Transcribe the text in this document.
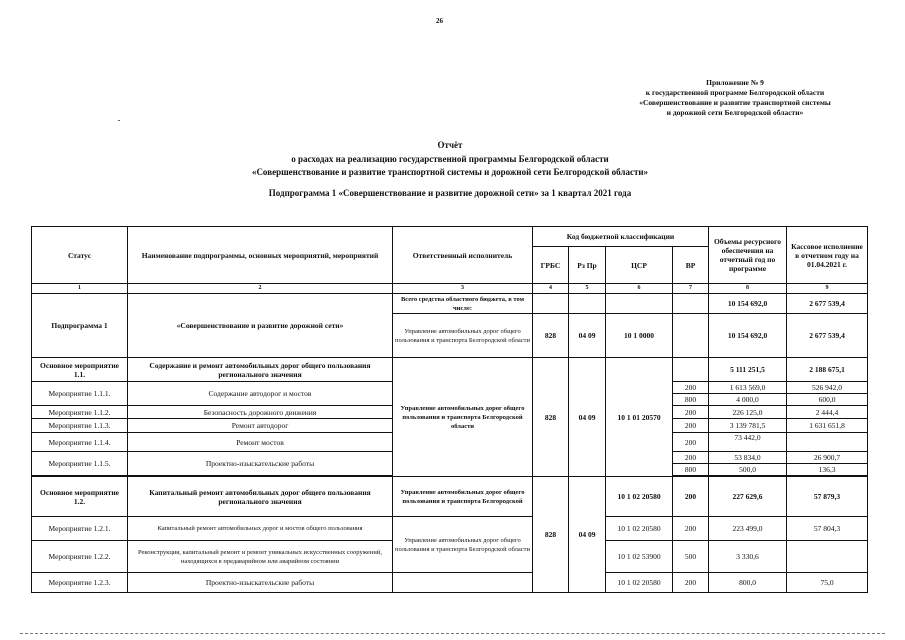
26
Приложение № 9
к государственной программе Белгородской области
«Совершенствование и развитие транспортной системы
и дорожной сети Белгородской области»
Отчёт
о расходах на реализацию государственной программы Белгородской области
«Совершенствование и развитие транспортной системы и дорожной сети Белгородской области»
Подпрограмма 1 «Совершенствование и развитие дорожной сети» за 1 квартал 2021 года
Статус	Наименование подпрограммы, основных мероприятий, мероприятий	Ответственный исполнитель	Код бюджетной классификации				Объемы ресурсного обеспечения на отчетный год по программе	Кассовое исполнение в отчетном году на 01.04.2021 г.
			ГРБС	Рз Пр	ЦСР	ВР		
1	2	3	4	5	6	7	8	9
Подпрограмма 1	«Совершенствование и развитие дорожной сети»	Всего средства областного бюджета, в том числе:					10 154 692,0	2 677 539,4
		Управление автомобильных дорог общего пользования и транспорта Белгородской области	828	04 09	10 1 0000		10 154 692,0	2 677 539,4
Основное мероприятие 1.1.	Содержание и ремонт автомобильных дорог общего пользования регионального значения	Управление автомобильных дорог общего пользования и транспорта Белгородской области	828	04 09	10 1 01 20570		5 111 251,5	2 188 675,1
Мероприятие 1.1.1.	Содержание автодорог и мостов					200	1 613 569,0	526 942,0
						800	4 000,0	600,0
Мероприятие 1.1.2.	Безопасность дорожного движения					200	226 125,0	2 444,4
Мероприятие 1.1.3.	Ремонт автодорог					200	3 139 781,5	1 631 651,8
Мероприятие 1.1.4.	Ремонт мостов					200	73 442,0	
Мероприятие 1.1.5.	Проектно-изыскательские работы					200	53 834,0	26 900,7
						800	500,0	136,3

Основное мероприятие 1.2.	Капитальный ремонт автомобильных дорог общего пользования регионального значения	Управление автомобильных дорог общего пользования и транспорта Белгородской	828	04 09	10 1 02 20580	200	227 629,6	57 879,3
Мероприятие 1.2.1.	Капитальный ремонт автомобильных дорог и мостов общего пользования	Управление автомобильных дорог общего пользования и транспорта Белгородской области			10 1 02 20580	200	223 499,0	57 804,3
Мероприятие 1.2.2.	Реконструкция, капитальный ремонт и ремонт уникальных искусственных сооружений, находящихся в предаварийном или аварийном состоянии				10 1 02 53900	500	3 330,6	
Мероприятие 1.2.3.	Проектно-изыскательские работы				10 1 02 20580	200	800,0	75,0
